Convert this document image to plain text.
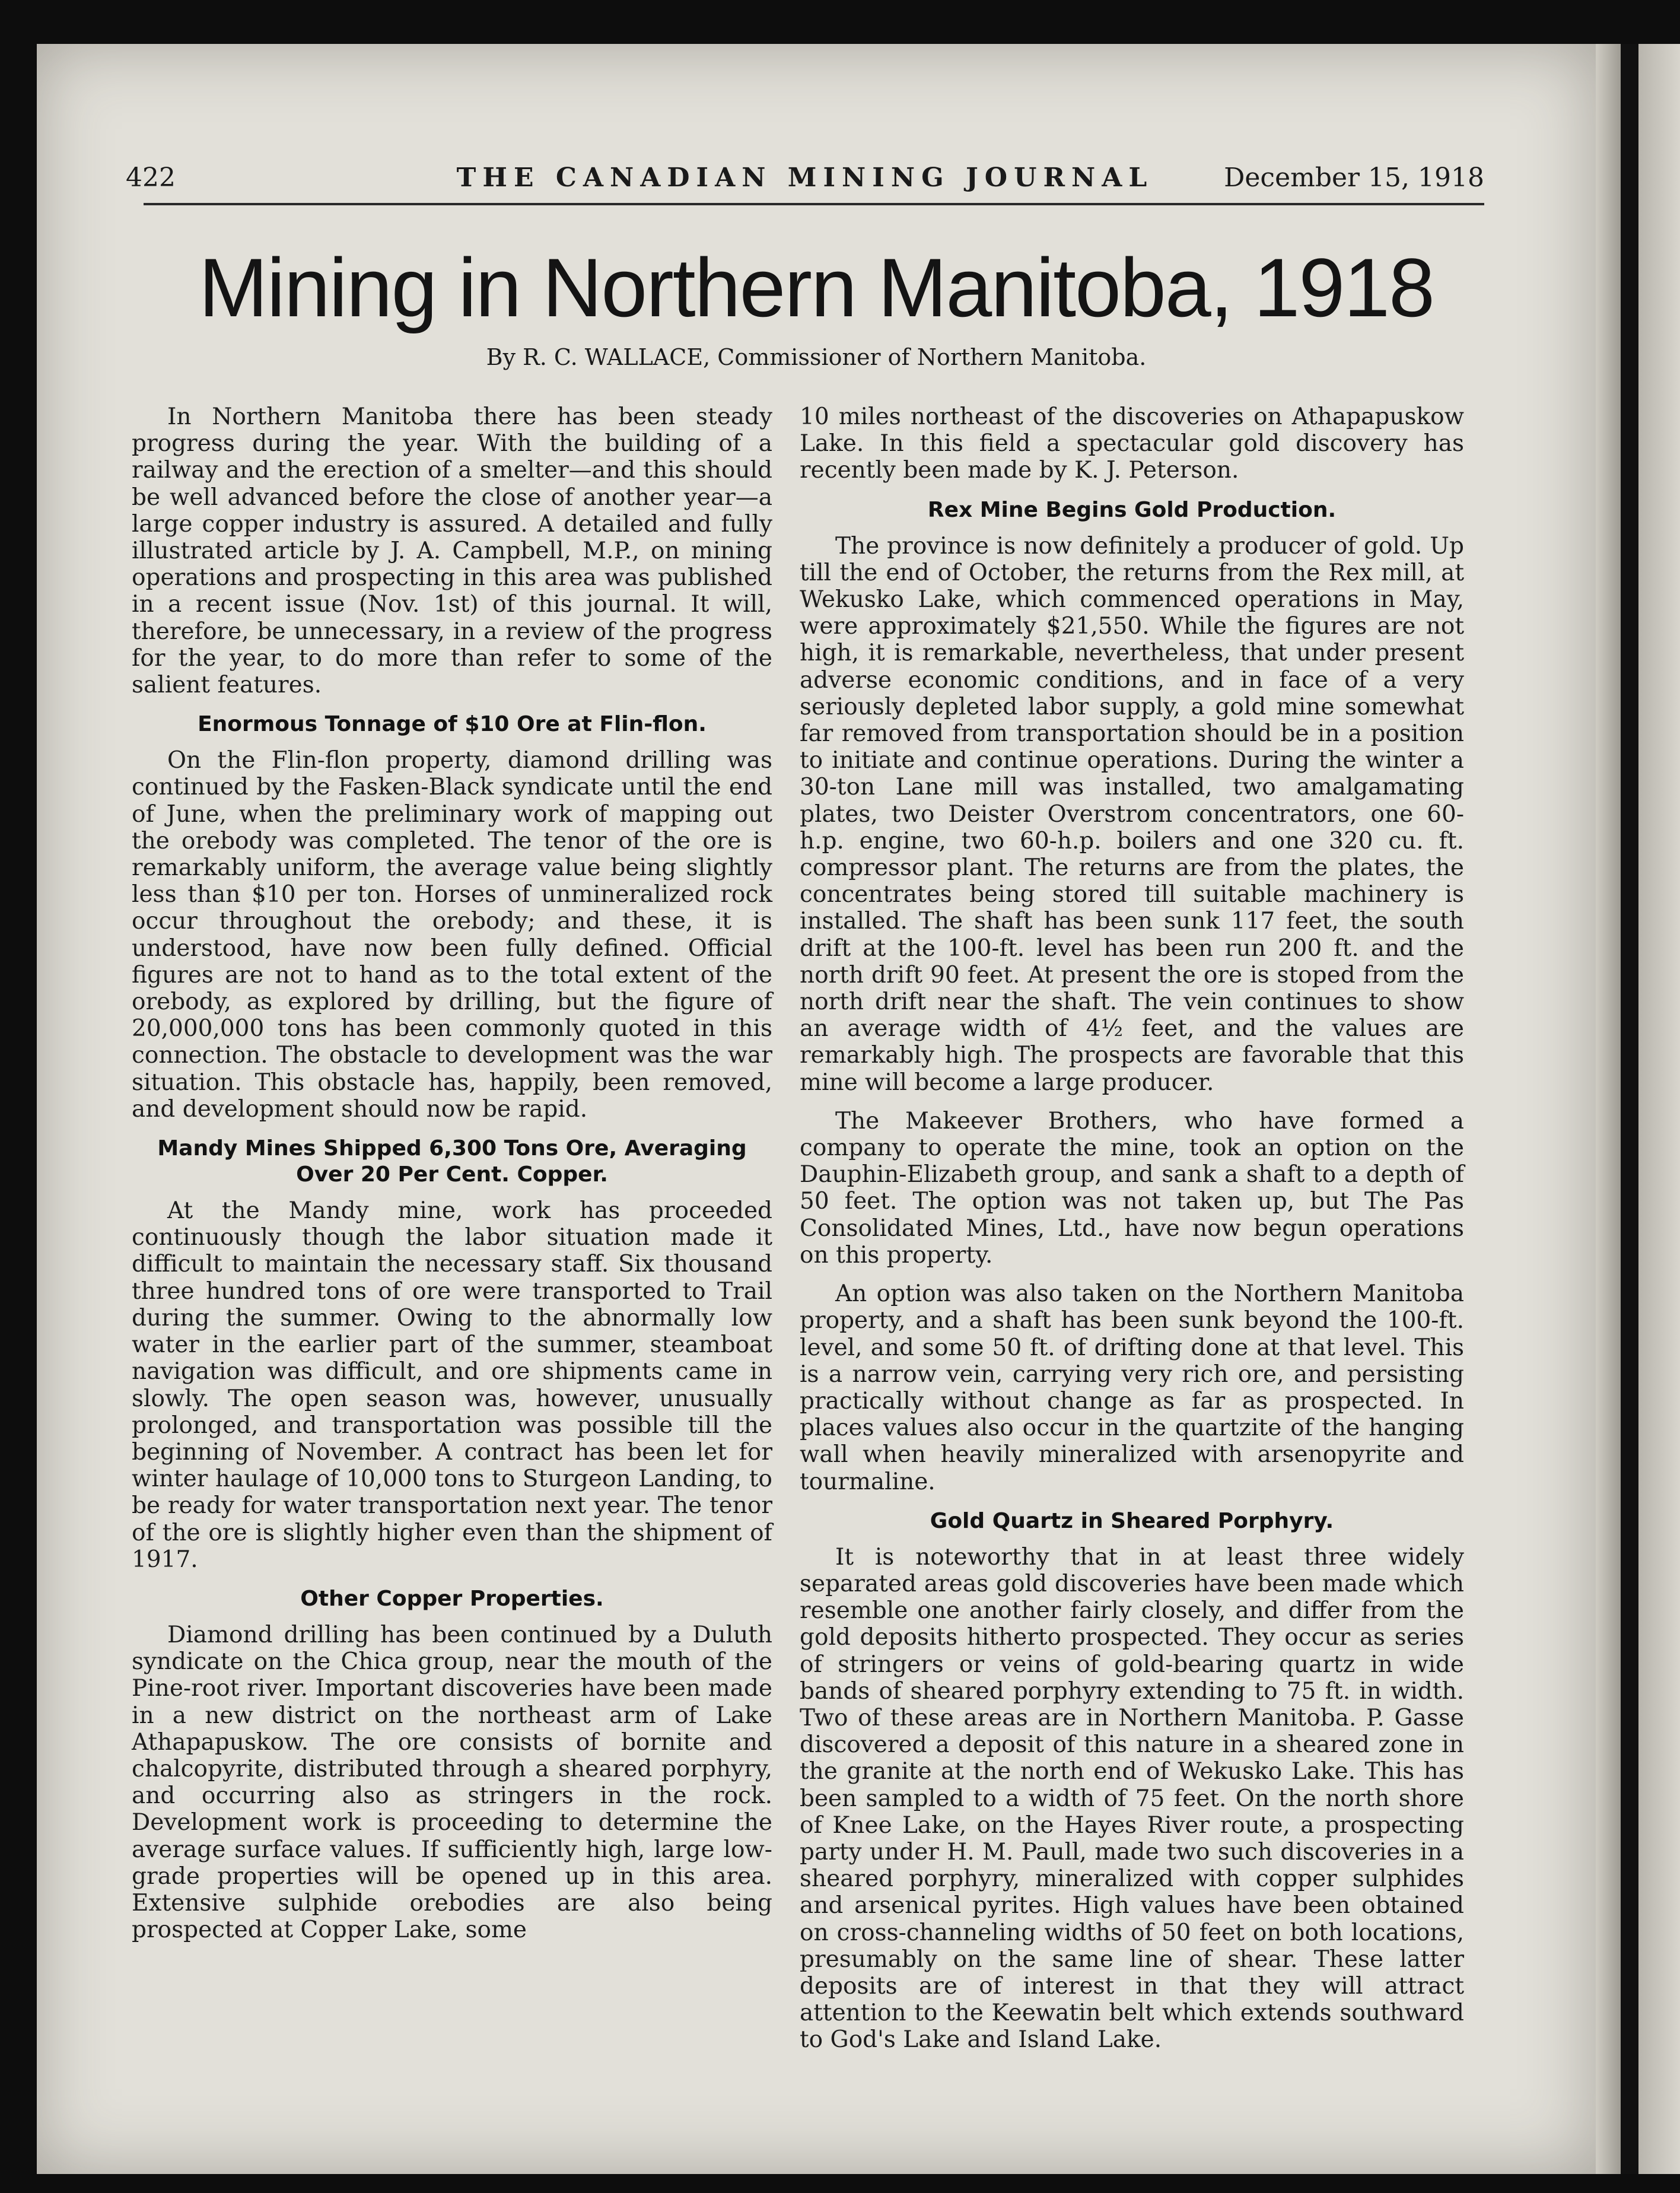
422	THE CANADIAN MINING JOURNAL	December 15, 1918
Mining in Northern Manitoba, 1918
By R. C. WALLACE, Commissioner of Northern Manitoba.

In Northern Manitoba there has been steady progress during the year. With the building of a railway and the erection of a smelter—and this should be well advanced before the close of another year—a large copper industry is assured. A detailed and fully illustrated article by J. A. Campbell, M.P., on mining operations and prospecting in this area was published in a recent issue (Nov. 1st) of this journal. It will, therefore, be unnecessary, in a review of the progress for the year, to do more than refer to some of the salient features.

Enormous Tonnage of $10 Ore at Flin-flon.

On the Flin-flon property, diamond drilling was continued by the Fasken-Black syndicate until the end of June, when the preliminary work of mapping out the orebody was completed. The tenor of the ore is remarkably uniform, the average value being slightly less than $10 per ton. Horses of unmineralized rock occur throughout the orebody; and these, it is understood, have now been fully defined. Official figures are not to hand as to the total extent of the orebody, as explored by drilling, but the figure of 20,000,000 tons has been commonly quoted in this connection. The obstacle to development was the war situation. This obstacle has, happily, been removed, and development should now be rapid.

Mandy Mines Shipped 6,300 Tons Ore, Averaging Over 20 Per Cent. Copper.

At the Mandy mine, work has proceeded continuously though the labor situation made it difficult to maintain the necessary staff. Six thousand three hundred tons of ore were transported to Trail during the summer. Owing to the abnormally low water in the earlier part of the summer, steamboat navigation was difficult, and ore shipments came in slowly. The open season was, however, unusually prolonged, and transportation was possible till the beginning of November. A contract has been let for winter haulage of 10,000 tons to Sturgeon Landing, to be ready for water transportation next year. The tenor of the ore is slightly higher even than the shipment of 1917.

Other Copper Properties.

Diamond drilling has been continued by a Duluth syndicate on the Chica group, near the mouth of the Pine-root river. Important discoveries have been made in a new district on the northeast arm of Lake Athapapuskow. The ore consists of bornite and chalcopyrite, distributed through a sheared porphyry, and occurring also as stringers in the rock. Development work is proceeding to determine the average surface values. If sufficiently high, large low-grade properties will be opened up in this area. Extensive sulphide orebodies are also being prospected at Copper Lake, some

10 miles northeast of the discoveries on Athapapuskow Lake. In this field a spectacular gold discovery has recently been made by K. J. Peterson.

Rex Mine Begins Gold Production.

The province is now definitely a producer of gold. Up till the end of October, the returns from the Rex mill, at Wekusko Lake, which commenced operations in May, were approximately $21,550. While the figures are not high, it is remarkable, nevertheless, that under present adverse economic conditions, and in face of a very seriously depleted labor supply, a gold mine somewhat far removed from transportation should be in a position to initiate and continue operations. During the winter a 30-ton Lane mill was installed, two amalgamating plates, two Deister Overstrom concentrators, one 60-h.p. engine, two 60-h.p. boilers and one 320 cu. ft. compressor plant. The returns are from the plates, the concentrates being stored till suitable machinery is installed. The shaft has been sunk 117 feet, the south drift at the 100-ft. level has been run 200 ft. and the north drift 90 feet. At present the ore is stoped from the north drift near the shaft. The vein continues to show an average width of 4½ feet, and the values are remarkably high. The prospects are favorable that this mine will become a large producer.

The Makeever Brothers, who have formed a company to operate the mine, took an option on the Dauphin-Elizabeth group, and sank a shaft to a depth of 50 feet. The option was not taken up, but The Pas Consolidated Mines, Ltd., have now begun operations on this property.

An option was also taken on the Northern Manitoba property, and a shaft has been sunk beyond the 100-ft. level, and some 50 ft. of drifting done at that level. This is a narrow vein, carrying very rich ore, and persisting practically without change as far as prospected. In places values also occur in the quartzite of the hanging wall when heavily mineralized with arsenopyrite and tourmaline.

Gold Quartz in Sheared Porphyry.

It is noteworthy that in at least three widely separated areas gold discoveries have been made which resemble one another fairly closely, and differ from the gold deposits hitherto prospected. They occur as series of stringers or veins of gold-bearing quartz in wide bands of sheared porphyry extending to 75 ft. in width. Two of these areas are in Northern Manitoba. P. Gasse discovered a deposit of this nature in a sheared zone in the granite at the north end of Wekusko Lake. This has been sampled to a width of 75 feet. On the north shore of Knee Lake, on the Hayes River route, a prospecting party under H. M. Paull, made two such discoveries in a sheared porphyry, mineralized with copper sulphides and arsenical pyrites. High values have been obtained on cross-channeling widths of 50 feet on both locations, presumably on the same line of shear. These latter deposits are of interest in that they will attract attention to the Keewatin belt which extends southward to God's Lake and Island Lake.
